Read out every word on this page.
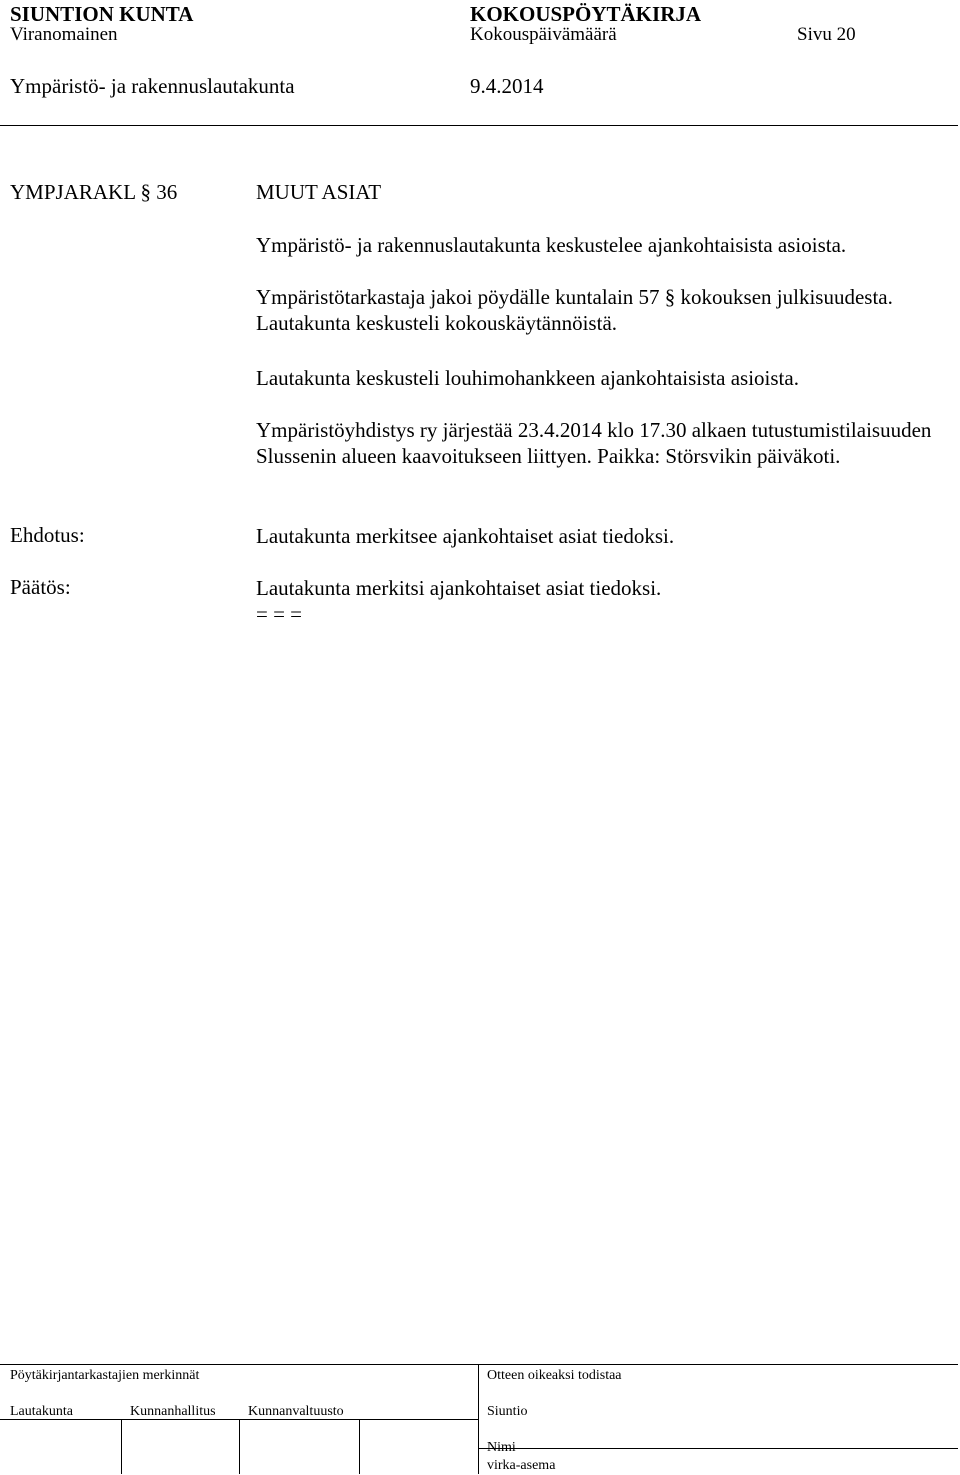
SIUNTION KUNTA	KOKOUSPÖYTÄKIRJA
Viranomainen	Kokouspäivämäärä	Sivu 20
Ympäristö- ja rakennuslautakunta	9.4.2014
YMPJARAKL § 36	MUUT ASIAT
Ympäristö- ja rakennuslautakunta keskustelee ajankohtaisista asioista.
Ympäristötarkastaja jakoi pöydälle kuntalain 57 § kokouksen julkisuudesta. Lautakunta keskusteli kokouskäytännöistä.
Lautakunta keskusteli louhimohankkeen ajankohtaisista asioista.
Ympäristöyhdistys ry järjestää 23.4.2014 klo 17.30 alkaen tutustumistilaisuuden Slussenin alueen kaavoitukseen liittyen. Paikka: Störsvikin päiväkoti.
Ehdotus:	Lautakunta merkitsee ajankohtaiset asiat tiedoksi.
Päätös:	Lautakunta merkitsi ajankohtaiset asiat tiedoksi.
= = =
Pöytäkirjantarkastajien merkinnät	Otteen oikeaksi todistaa
Lautakunta	Kunnanhallitus Kunnanvaltuusto	Siuntio
Nimi
virka-asema
